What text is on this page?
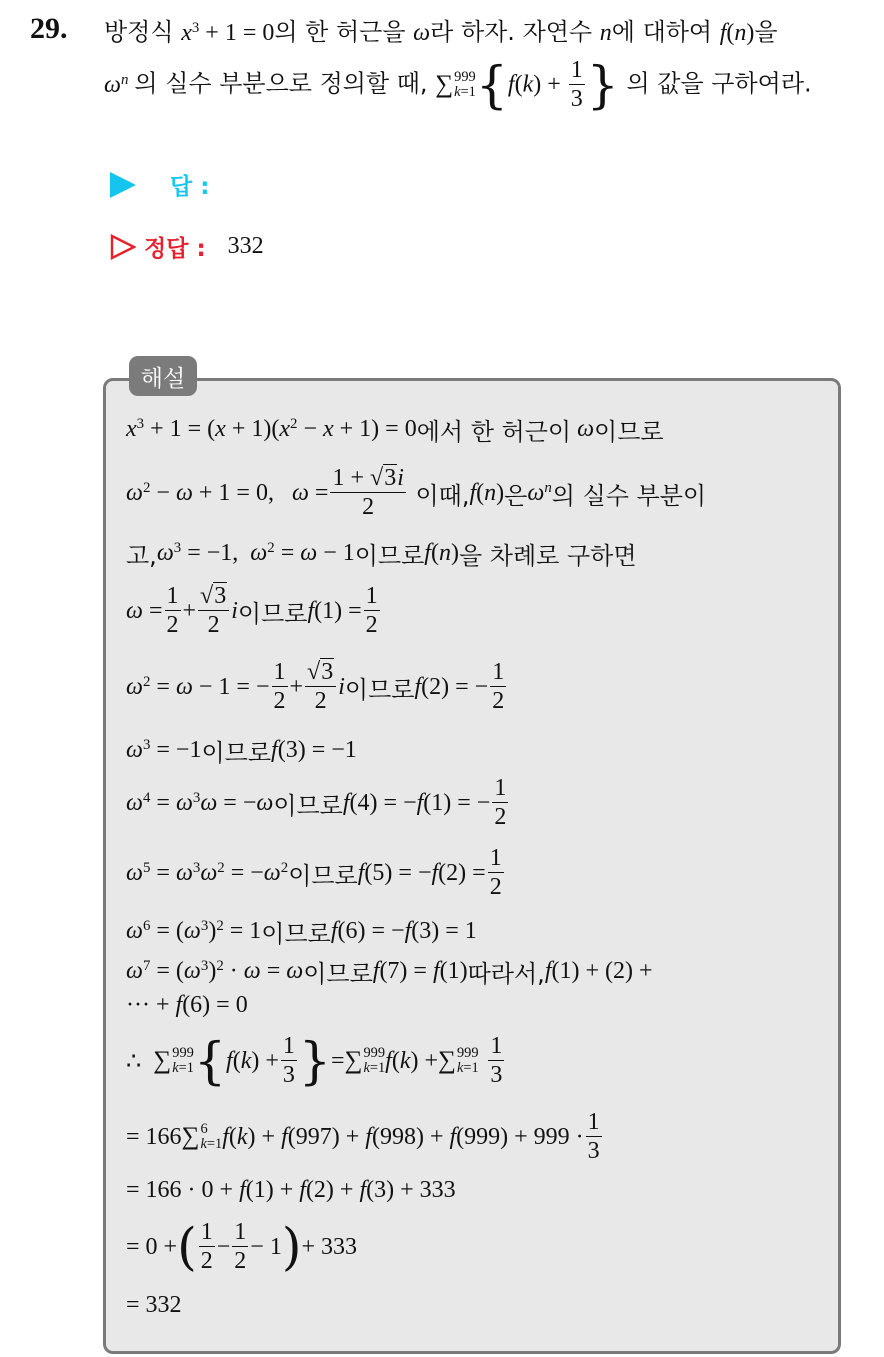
29. 방정식 $x^3 + 1 = 0$의 한 허근을 ω라 하자. 자연수 n에 대하여 f(n)을
$\omega^n$ 의 실수 부분으로 정의할 때, ∑ 999
k=1 {$f(k) + \frac{1}{3}$ } 의 값을 구하여라.
답 :
정답 : 332
해설
$x^3 + 1 = (x + 1)(x^2 - x + 1) = 0$ 에서 한 허근이 ω 이므로
$\omega^2 - \omega + 1 = 0$,   $\omega = \frac{1 + √3i}{2}$
이때, f(n) 은 $\omega^n$ 의 실수 부분이
고, $\omega^3 = -1$,  $\omega^2 = \omega - 1$ 이므로 f(n) 을 차례로 구하면
$\omega = \frac{1}{2} + \frac{√3}{2}$ i 이므로 $f(1) = \frac{1}{2}$
$\omega^2 = \omega - 1$ = − $\frac{1}{2} + \frac{√3}{2}$ i 이므로 f(2) = − $\frac{1}{2}$
$\omega^3 = -1$ 이므로 f(3) = −1
$\omega^4 = \omega^3\omega = -\omega$ 이므로 f(4) = −f(1) = − $\frac{1}{2}$
$\omega^5 = \omega^3\omega^2 = -\omega^2$ 이므로 $f(5) = -f(2) = \frac{1}{2}$
$\omega^6 = (\omega^3)^2 = 1$ 이므로 f(6) = −f(3) = 1
$\omega^7 = (\omega^3)^2 \cdot \omega = \omega$ 이므로 f(7) = f(1) 따라서, f(1) + (2) +
··· + f(6) = 0
∴ ∑ 999
k=1 { $f(k) + \frac{1}{3}$ } = ∑ 999
k=1 f(k) + ∑ 999
k=1
$\frac{1}{3}$
= 166 ∑ 6
k=1 $f(k) + f(997) + f(998) + f(999) + 999 \cdot \frac{1}{3}$
= 166 · 0 + f(1) + f(2) + f(3) + 333
= 0 + ( $\frac{1}{2} - \frac{1}{2} - 1$ ) + 333
= 332
